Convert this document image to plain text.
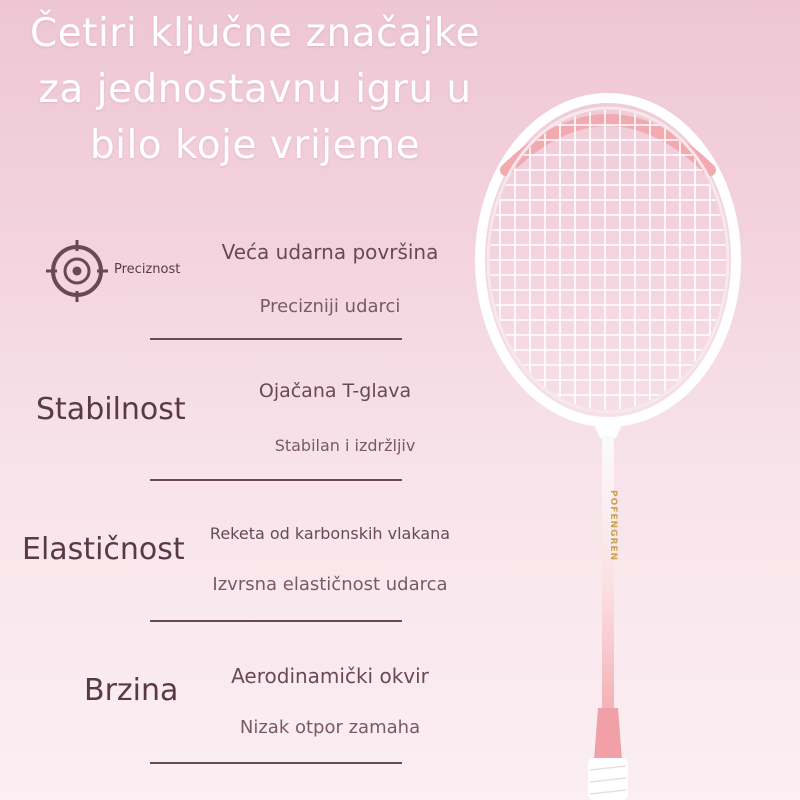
Četiri ključne značajke
za jednostavnu igru u
bilo koje vrijeme
Preciznost
Veća udarna površina
Precizniji udarci
Stabilnost
Ojačana T-glava
Stabilan i izdržljiv
Elastičnost	Reketa od karbonskih vlakana
Izvrsna elastičnost udarca
Brzina	Aerodinamički okvir
Nizak otpor zamaha
POFENGREN
